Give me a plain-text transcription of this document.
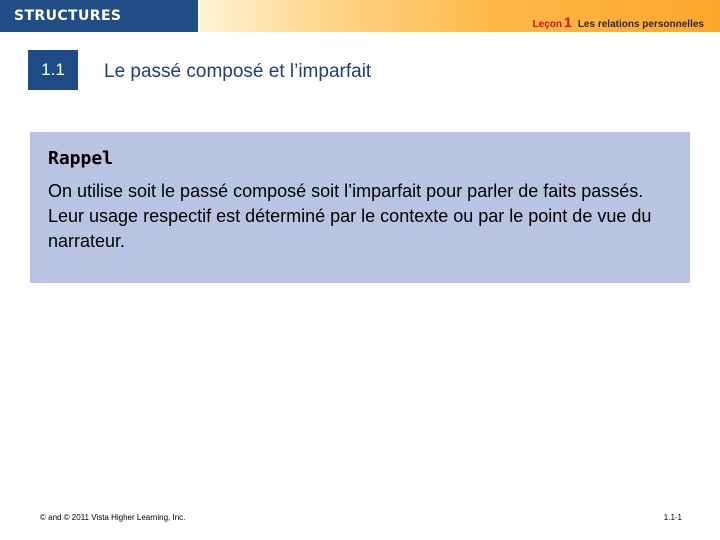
STRUCTURES
Leçon 1 Les relations personnelles
1.1	Le passé composé et l’imparfait
Rappel
On utilise soit le passé composé soit l’imparfait pour parler de faits passés. Leur usage respectif est déterminé par le contexte ou par le point de vue du narrateur.
© and © 2011 Vista Higher Learning, Inc.	1.1-1
